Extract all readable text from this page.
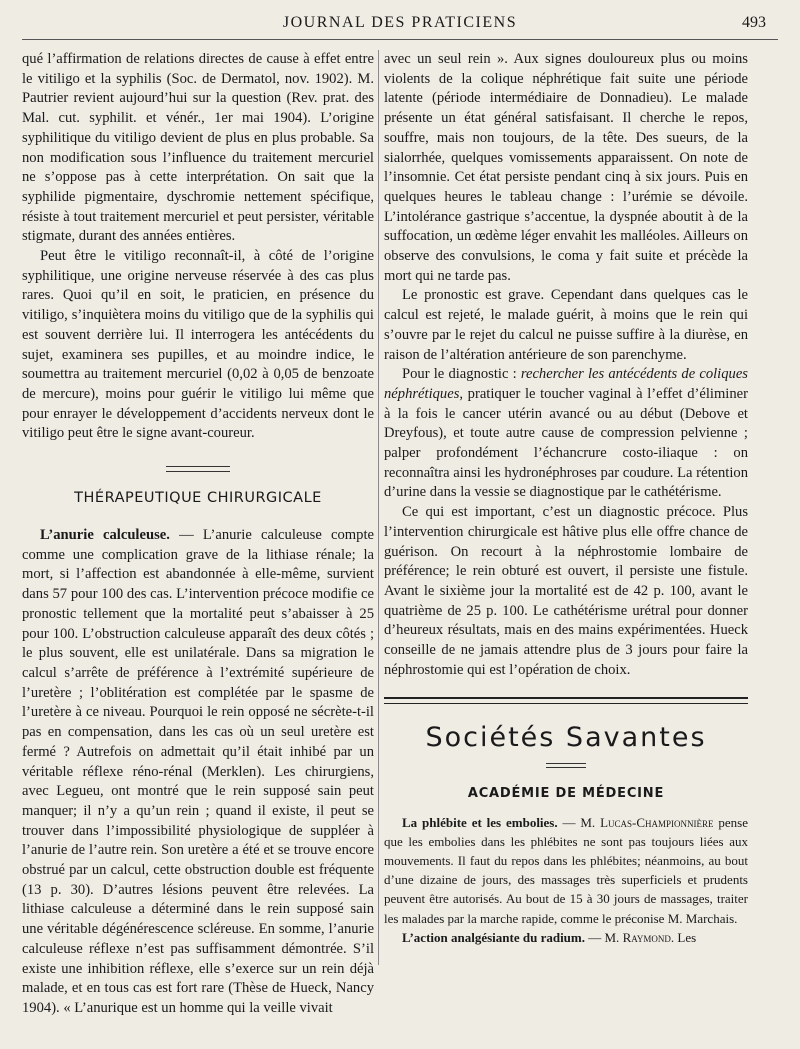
JOURNAL DES PRATICIENS	493

qué l’affirmation de relations directes de cause à effet entre le vitiligo et la syphilis (Soc. de Dermatol, nov. 1902). M. Pautrier revient aujourd’hui sur la question (Rev. prat. des Mal. cut. syphilit. et vénér., 1er mai 1904). L’origine syphilitique du vitiligo devient de plus en plus probable. Sa non modification sous l’influence du traitement mercuriel ne s’oppose pas à cette interprétation. On sait que la syphilide pigmentaire, dyschromie nettement spécifique, résiste à tout traitement mercuriel et peut persister, véritable stigmate, durant des années entières.

Peut être le vitiligo reconnaît-il, à côté de l’origine syphilitique, une origine nerveuse réservée à des cas plus rares. Quoi qu’il en soit, le praticien, en présence du vitiligo, s’inquiètera moins du vitiligo que de la syphilis qui est souvent derrière lui. Il interrogera les antécédents du sujet, examinera ses pupilles, et au moindre indice, le soumettra au traitement mercuriel (0,02 à 0,05 de benzoate de mercure), moins pour guérir le vitiligo lui même que pour enrayer le développement d’accidents nerveux dont le vitiligo peut être le signe avant-coureur.

THÉRAPEUTIQUE CHIRURGICALE

L’anurie calculeuse. — L’anurie calculeuse compte comme une complication grave de la lithiase rénale; la mort, si l’affection est abandonnée à elle-même, survient dans 57 pour 100 des cas. L’intervention précoce modifie ce pronostic tellement que la mortalité peut s’abaisser à 25 pour 100. L’obstruction calculeuse apparaît des deux côtés ; le plus souvent, elle est unilatérale. Dans sa migration le calcul s’arrête de préférence à l’extrémité supérieure de l’uretère ; l’oblitération est complétée par le spasme de l’uretère à ce niveau. Pourquoi le rein opposé ne sécrète-t-il pas en compensation, dans les cas où un seul uretère est fermé ? Autrefois on admettait qu’il était inhibé par un véritable réflexe réno-rénal (Merklen). Les chirurgiens, avec Legueu, ont montré que le rein supposé sain peut manquer; il n’y a qu’un rein ; quand il existe, il peut se trouver dans l’impossibilité physiologique de suppléer à l’anurie de l’autre rein. Son uretère a été et se trouve encore obstrué par un calcul, cette obstruction double est fréquente (13 p. 30). D’autres lésions peuvent être relevées. La lithiase calculeuse a déterminé dans le rein supposé sain une véritable dégénérescence scléreuse. En somme, l’anurie calculeuse réflexe n’est pas suffisamment démontrée. S’il existe une inhibition réflexe, elle s’exerce sur un rein déjà malade, et en tous cas est fort rare (Thèse de Hueck, Nancy 1904). « L’anurique est un homme qui la veille vivait

avec un seul rein ». Aux signes douloureux plus ou moins violents de la colique néphrétique fait suite une période latente (période intermédiaire de Donnadieu). Le malade présente un état général satisfaisant. Il cherche le repos, souffre, mais non toujours, de la tête. Des sueurs, de la sialorrhée, quelques vomissements apparaissent. On note de l’insomnie. Cet état persiste pendant cinq à six jours. Puis en quelques heures le tableau change : l’urémie se dévoile. L’intolérance gastrique s’accentue, la dyspnée aboutit à de la suffocation, un œdème léger envahit les malléoles. Ailleurs on observe des convulsions, le coma y fait suite et précède la mort qui ne tarde pas.

Le pronostic est grave. Cependant dans quelques cas le calcul est rejeté, le malade guérit, à moins que le rein qui s’ouvre par le rejet du calcul ne puisse suffire à la diurèse, en raison de l’altération antérieure de son parenchyme.

Pour le diagnostic : rechercher les antécédents de coliques néphrétiques, pratiquer le toucher vaginal à l’effet d’éliminer à la fois le cancer utérin avancé ou au début (Debove et Dreyfous), et toute autre cause de compression pelvienne ; palper profondément l’échancrure costo-iliaque : on reconnaîtra ainsi les hydronéphroses par coudure. La rétention d’urine dans la vessie se diagnostique par le cathétérisme.

Ce qui est important, c’est un diagnostic précoce. Plus l’intervention chirurgicale est hâtive plus elle offre chance de guérison. On recourt à la néphrostomie lombaire de préférence; le rein obturé est ouvert, il persiste une fistule. Avant le sixième jour la mortalité est de 42 p. 100, avant le quatrième de 25 p. 100. Le cathétérisme urétral pour donner d’heureux résultats, mais en des mains expérimentées. Hueck conseille de ne jamais attendre plus de 3 jours pour faire la néphrostomie qui est l’opération de choix.

Sociétés Savantes
ACADÉMIE DE MÉDECINE

La phlébite et les embolies. — M. Lucas-Championnière pense que les embolies dans les phlébites ne sont pas toujours liées aux mouvements. Il faut du repos dans les phlébites; néanmoins, au bout d’une dizaine de jours, des massages très superficiels et prudents peuvent être autorisés. Au bout de 15 à 30 jours de massages, traiter les malades par la marche rapide, comme le préconise M. Marchais.

L’action analgésiante du radium. — M. Raymond. Les
